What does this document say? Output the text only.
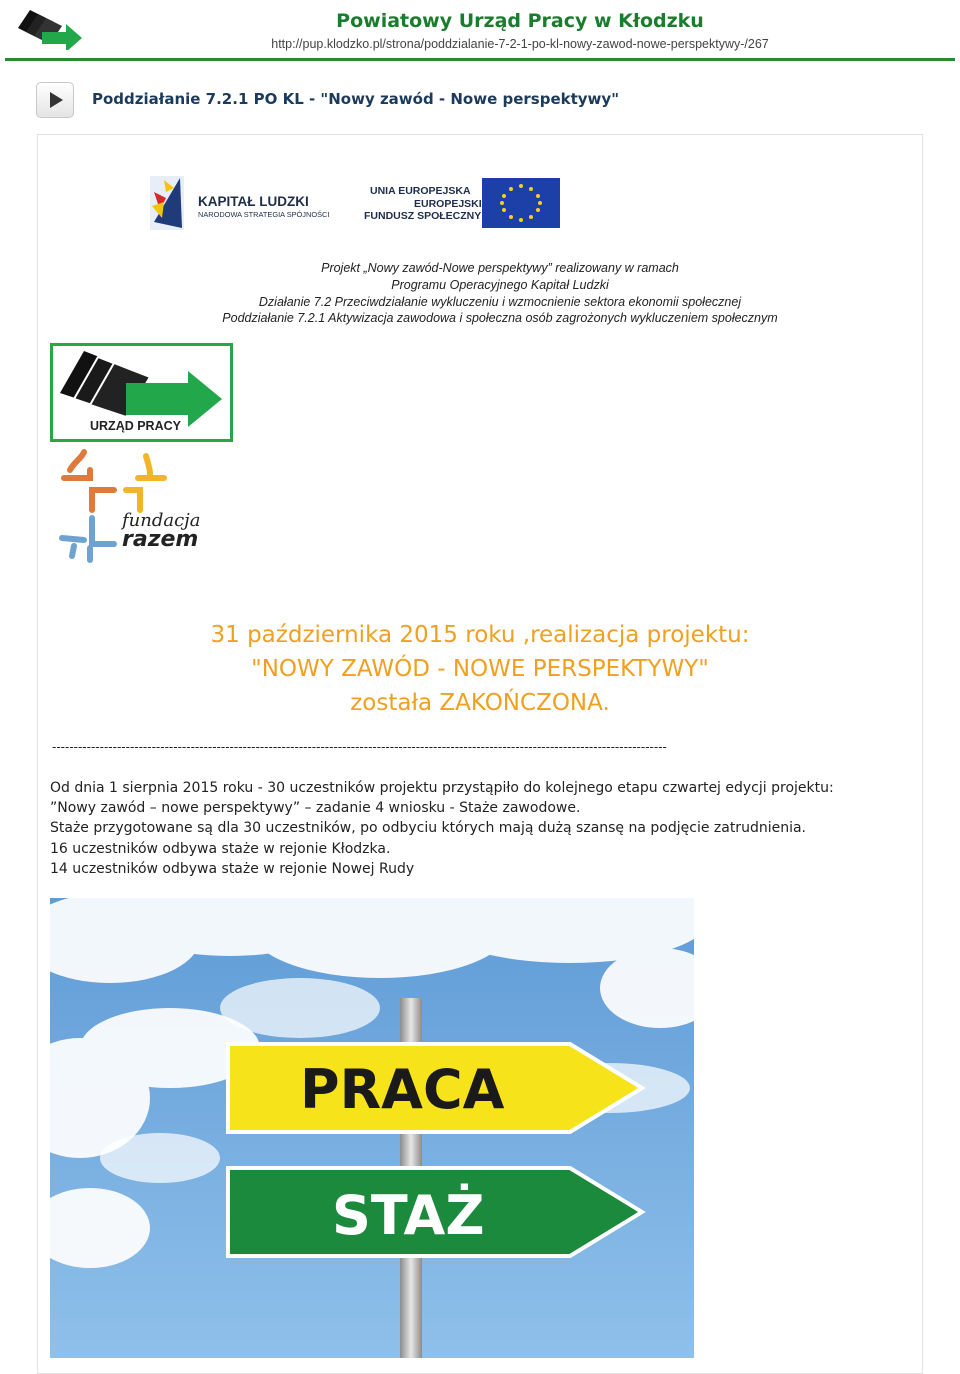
Powiatowy Urząd Pracy w Kłodzku
http://pup.klodzko.pl/strona/poddzialanie-7-2-1-po-kl-nowy-zawod-nowe-perspektywy-/267
Poddziałanie 7.2.1 PO KL - "Nowy zawód - Nowe perspektywy"
KAPITAŁ LUDZKI
NARODOWA STRATEGIA SPÓJNOŚCI
UNIA EUROPEJSKA
EUROPEJSKI
FUNDUSZ SPOŁECZNY
Projekt „Nowy zawód-Nowe perspektywy” realizowany w ramach
Programu Operacyjnego Kapitał Ludzki
Działanie 7.2 Przeciwdziałanie wykluczeniu i wzmocnienie sektora ekonomii społecznej
Poddziałanie 7.2.1 Aktywizacja zawodowa i społeczna osób zagrożonych wykluczeniem społecznym
URZĄD PRACY
fundacja
razem
31 października 2015 roku ,realizacja projektu:
"NOWY ZAWÓD - NOWE PERSPEKTYWY"
została ZAKOŃCZONA.
----------------------------------------------------------------------------------------------------------------------------------------------
Od dnia 1 sierpnia 2015 roku - 30 uczestników projektu przystąpiło do kolejnego etapu czwartej edycji projektu:
”Nowy zawód – nowe perspektywy” – zadanie 4 wniosku - Staże zawodowe.
Staże przygotowane są dla 30 uczestników, po odbyciu których mają dużą szansę na podjęcie zatrudnienia.
16 uczestników odbywa staże w rejonie Kłodzka.
14 uczestników odbywa staże w rejonie Nowej Rudy
PRACA
STAŻ
